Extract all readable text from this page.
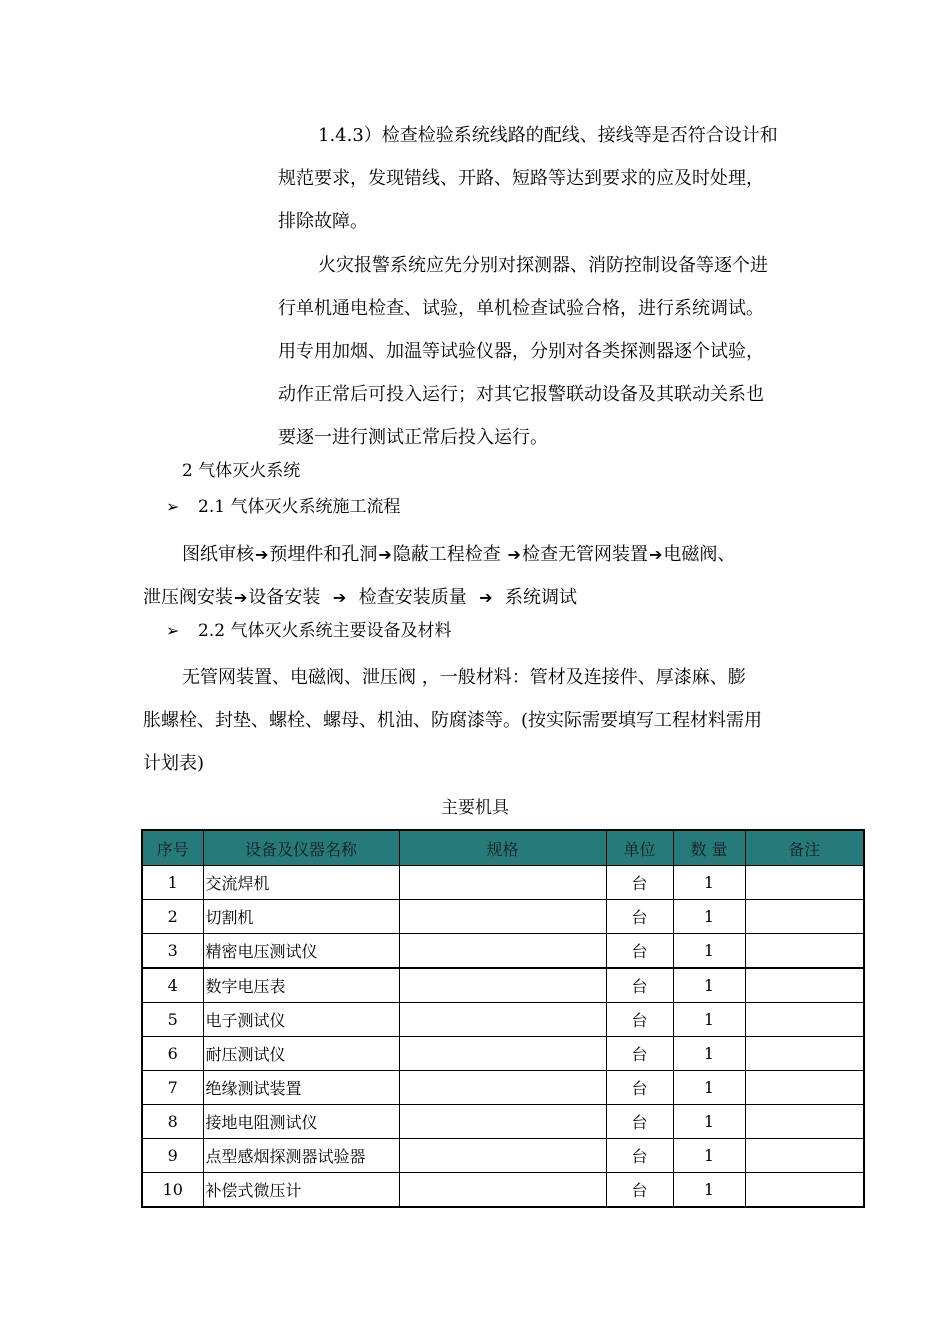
1.4.3）检查检验系统线路的配线、接线等是否符合设计和
规范要求，发现错线、开路、短路等达到要求的应及时处理，
排除故障。
火灾报警系统应先分别对探测器、消防控制设备等逐个进
行单机通电检查、试验，单机检查试验合格，进行系统调试。
用专用加烟、加温等试验仪器，分别对各类探测器逐个试验，
动作正常后可投入运行；对其它报警联动设备及其联动关系也
要逐一进行测试正常后投入运行。
2 气体灭火系统
➢ 2.1 气体灭火系统施工流程
图纸审核➔预埋件和孔洞➔隐蔽工程检查 ➔检查无管网装置➔电磁阀、
泄压阀安装➔设备安装 ➔ 检查安装质量 ➔ 系统调试
➢ 2.2 气体灭火系统主要设备及材料
无管网装置、电磁阀、泄压阀 ，一般材料：管材及连接件、厚漆麻、膨
胀螺栓、封垫、螺栓、螺母、机油、防腐漆等。(按实际需要填写工程材料需用
计划表)
主要机具
序号	设备及仪器名称	规格	单位	数 量	备注
1	交流焊机		台	1	
2	切割机		台	1	
3	精密电压测试仪		台	1	
4	数字电压表		台	1	
5	电子测试仪		台	1	
6	耐压测试仪		台	1	
7	绝缘测试装置		台	1	
8	接地电阻测试仪		台	1	
9	点型感烟探测器试验器		台	1	
10	补偿式微压计		台	1	
